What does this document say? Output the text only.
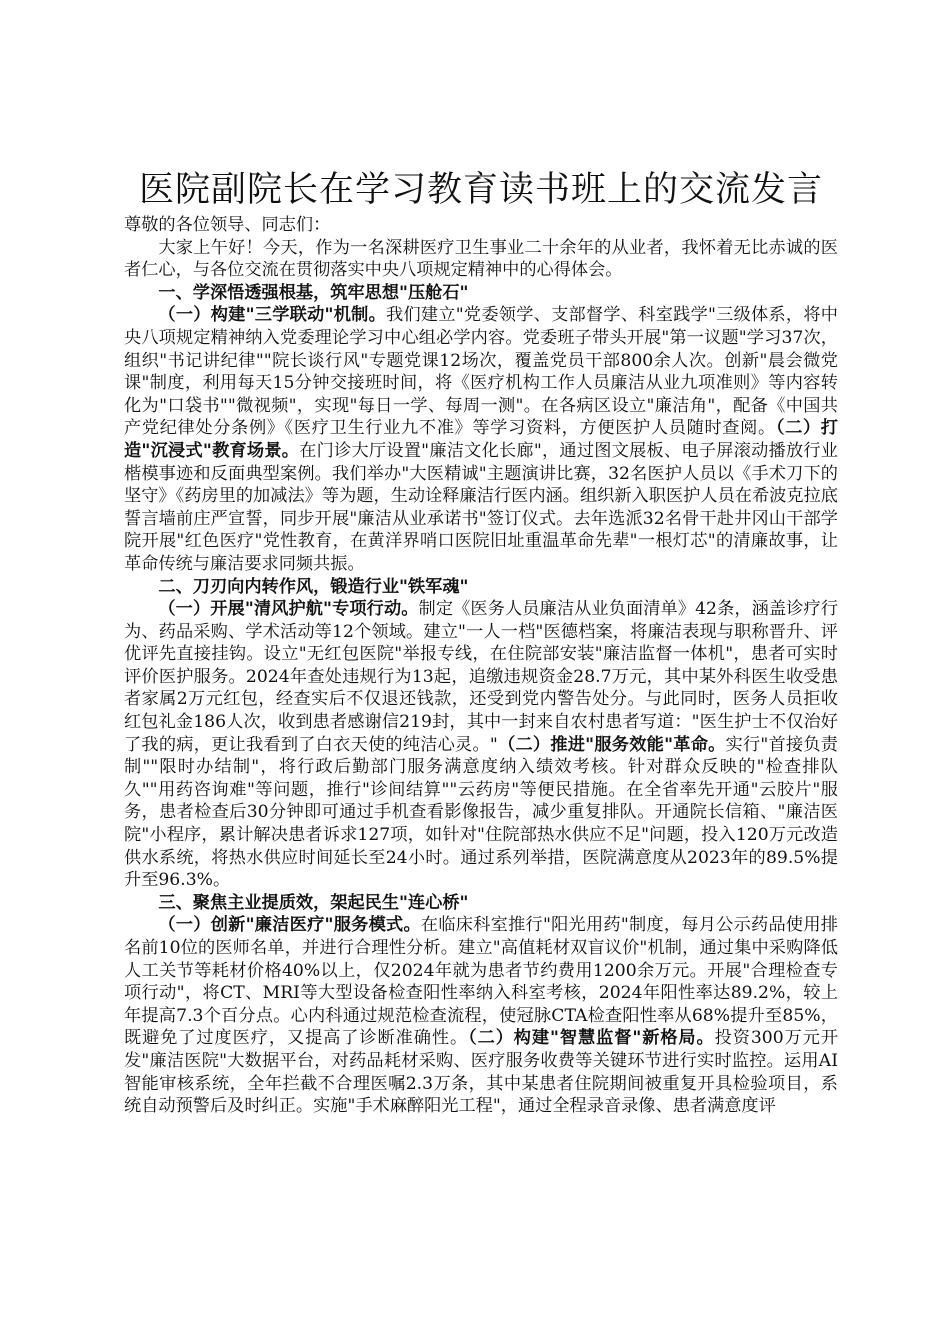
医院副院长在学习教育读书班上的交流发言

尊敬的各位领导、同志们：

大家上午好！今天，作为一名深耕医疗卫生事业二十余年的从业者，我怀着无比赤诚的医者仁心，与各位交流在贯彻落实中央八项规定精神中的心得体会。

一、学深悟透强根基，筑牢思想"压舱石"

（一）构建"三学联动"机制。我们建立"党委领学、支部督学、科室践学"三级体系，将中央八项规定精神纳入党委理论学习中心组必学内容。党委班子带头开展"第一议题"学习37次，组织"书记讲纪律""院长谈行风"专题党课12场次，覆盖党员干部800余人次。创新"晨会微党课"制度，利用每天15分钟交接班时间，将《医疗机构工作人员廉洁从业九项准则》等内容转化为"口袋书""微视频"，实现"每日一学、每周一测"。在各病区设立"廉洁角"，配备《中国共产党纪律处分条例》《医疗卫生行业九不准》等学习资料，方便医护人员随时查阅。（二）打造"沉浸式"教育场景。在门诊大厅设置"廉洁文化长廊"，通过图文展板、电子屏滚动播放行业楷模事迹和反面典型案例。我们举办"大医精诚"主题演讲比赛，32名医护人员以《手术刀下的坚守》《药房里的加减法》等为题，生动诠释廉洁行医内涵。组织新入职医护人员在希波克拉底誓言墙前庄严宣誓，同步开展"廉洁从业承诺书"签订仪式。去年选派32名骨干赴井冈山干部学院开展"红色医疗"党性教育，在黄洋界哨口医院旧址重温革命先辈"一根灯芯"的清廉故事，让革命传统与廉洁要求同频共振。

二、刀刃向内转作风，锻造行业"铁军魂"

（一）开展"清风护航"专项行动。制定《医务人员廉洁从业负面清单》42条，涵盖诊疗行为、药品采购、学术活动等12个领域。建立"一人一档"医德档案，将廉洁表现与职称晋升、评优评先直接挂钩。设立"无红包医院"举报专线，在住院部安装"廉洁监督一体机"，患者可实时评价医护服务。2024年查处违规行为13起，追缴违规资金28.7万元，其中某外科医生收受患者家属2万元红包，经查实后不仅退还钱款，还受到党内警告处分。与此同时，医务人员拒收红包礼金186人次，收到患者感谢信219封，其中一封来自农村患者写道："医生护士不仅治好了我的病，更让我看到了白衣天使的纯洁心灵。"（二）推进"服务效能"革命。实行"首接负责制""限时办结制"，将行政后勤部门服务满意度纳入绩效考核。针对群众反映的"检查排队久""用药咨询难"等问题，推行"诊间结算""云药房"等便民措施。在全省率先开通"云胶片"服务，患者检查后30分钟即可通过手机查看影像报告，减少重复排队。开通院长信箱、"廉洁医院"小程序，累计解决患者诉求127项，如针对"住院部热水供应不足"问题，投入120万元改造供水系统，将热水供应时间延长至24小时。通过系列举措，医院满意度从2023年的89.5%提升至96.3%。

三、聚焦主业提质效，架起民生"连心桥"

（一）创新"廉洁医疗"服务模式。在临床科室推行"阳光用药"制度，每月公示药品使用排名前10位的医师名单，并进行合理性分析。建立"高值耗材双盲议价"机制，通过集中采购降低人工关节等耗材价格40%以上，仅2024年就为患者节约费用1200余万元。开展"合理检查专项行动"，将CT、MRI等大型设备检查阳性率纳入科室考核，2024年阳性率达89.2%，较上年提高7.3个百分点。心内科通过规范检查流程，使冠脉CTA检查阳性率从68%提升至85%，既避免了过度医疗，又提高了诊断准确性。（二）构建"智慧监督"新格局。投资300万元开发"廉洁医院"大数据平台，对药品耗材采购、医疗服务收费等关键环节进行实时监控。运用AI智能审核系统，全年拦截不合理医嘱2.3万条，其中某患者住院期间被重复开具检验项目，系统自动预警后及时纠正。实施"手术麻醉阳光工程"，通过全程录音录像、患者满意度评
